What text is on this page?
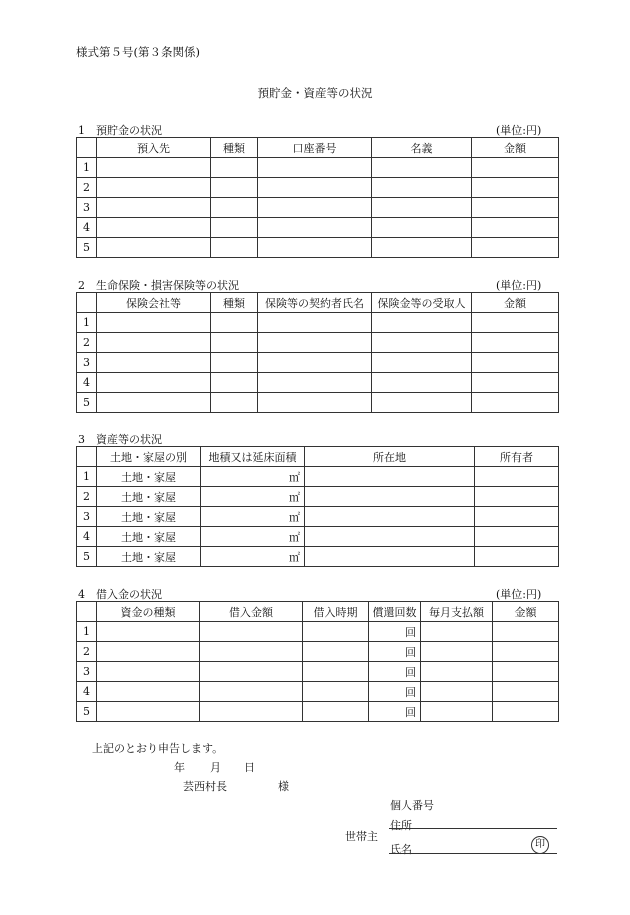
様式第５号(第３条関係)
預貯金・資産等の状況
1　預貯金の状況	(単位:円)
	預入先	種類	口座番号	名義	金額
1					
2					
3					
4					
5					
2　生命保険・損害保険等の状況	(単位:円)
	保険会社等	種類	保険等の契約者氏名	保険金等の受取人	金額
1					
2					
3					
4					
5					
3　資産等の状況
	土地・家屋の別	地積又は延床面積	所在地	所有者
1	土地・家屋	㎡		
2	土地・家屋	㎡		
3	土地・家屋	㎡		
4	土地・家屋	㎡		
5	土地・家屋	㎡		
4　借入金の状況	(単位:円)
	資金の種類	借入金額	借入時期	償還回数	毎月支払額	金額
1				回		
2				回		
3				回		
4				回		
5				回		
上記のとおり申告します。
年 月 日
芸西村長	様
個人番号
住所
世帯主
氏名	印
